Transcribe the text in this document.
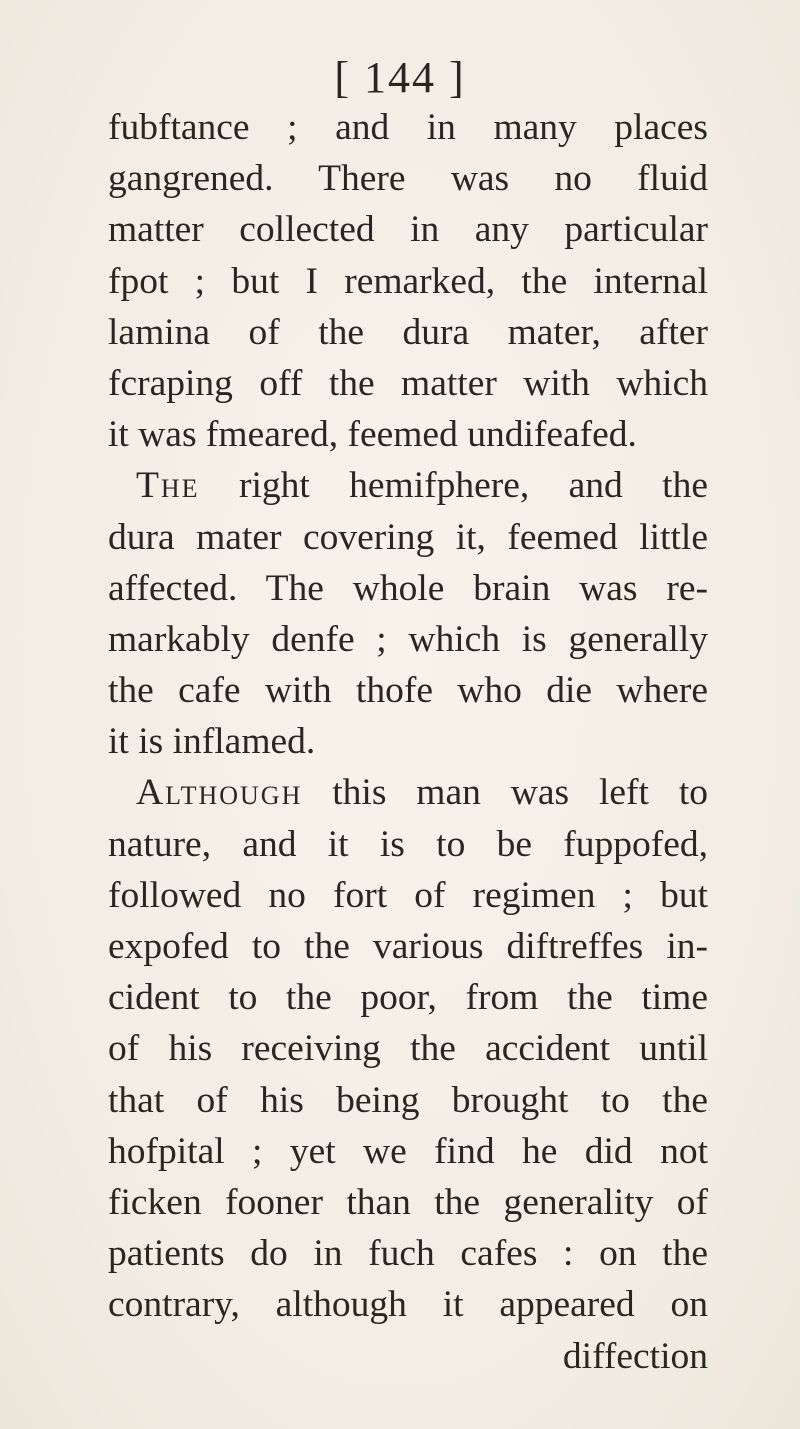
[ 144 ]
fubftance ; and in many places
gangrened. There was no fluid
matter collected in any particular
fpot ; but I remarked, the internal
lamina of the dura mater, after
fcraping off the matter with which
it was fmeared, feemed undifeafed.
The right hemifphere, and the
dura mater covering it, feemed little
affected. The whole brain was re-
markably denfe ; which is generally
the cafe with thofe who die where
it is inflamed.
Although this man was left to
nature, and it is to be fuppofed,
followed no fort of regimen ; but
expofed to the various diftreffes in-
cident to the poor, from the time
of his receiving the accident until
that of his being brought to the
hofpital ; yet we find he did not
ficken fooner than the generality of
patients do in fuch cafes : on the
contrary, although it appeared on
diffection
